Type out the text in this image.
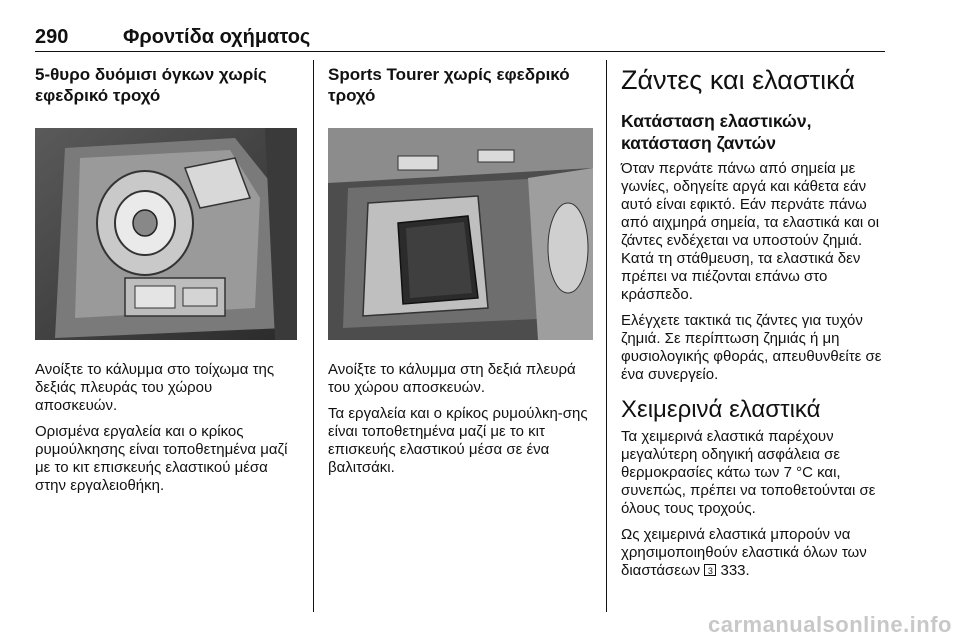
290	Φροντίδα οχήματος
5-θυρο δυόμισι όγκων χωρίς εφεδρικό τροχό

Ανοίξτε το κάλυμμα στο τοίχωμα της δεξιάς πλευράς του χώρου αποσκευών.

Ορισμένα εργαλεία και ο κρίκος ρυμούλκησης είναι τοποθετημένα μαζί με το κιτ επισκευής ελαστικού μέσα στην εργαλειοθήκη.

Sports Tourer χωρίς εφεδρικό τροχό

Ανοίξτε το κάλυμμα στη δεξιά πλευρά του χώρου αποσκευών.

Τα εργαλεία και ο κρίκος ρυμούλκη-σης είναι τοποθετημένα μαζί με το κιτ επισκευής ελαστικού μέσα σε ένα βαλιτσάκι.

Ζάντες και ελαστικά
Κατάσταση ελαστικών, κατάσταση ζαντών

Όταν περνάτε πάνω από σημεία με γωνίες, οδηγείτε αργά και κάθετα εάν αυτό είναι εφικτό. Εάν περνάτε πάνω από αιχμηρά σημεία, τα ελαστικά και οι ζάντες ενδέχεται να υποστούν ζημιά. Κατά τη στάθμευση, τα ελαστικά δεν πρέπει να πιέζονται επάνω στο κράσπεδο.

Ελέγχετε τακτικά τις ζάντες για τυχόν ζημιά. Σε περίπτωση ζημιάς ή μη φυσιολογικής φθοράς, απευθυνθείτε σε ένα συνεργείο.

Χειμερινά ελαστικά

Τα χειμερινά ελαστικά παρέχουν μεγαλύτερη οδηγική ασφάλεια σε θερμοκρασίες κάτω των 7 °C και, συνεπώς, πρέπει να τοποθετούνται σε όλους τους τροχούς.

Ως χειμερινά ελαστικά μπορούν να χρησιμοποιηθούν ελαστικά όλων των διαστάσεων 3 333.

carmanualsonline.info
